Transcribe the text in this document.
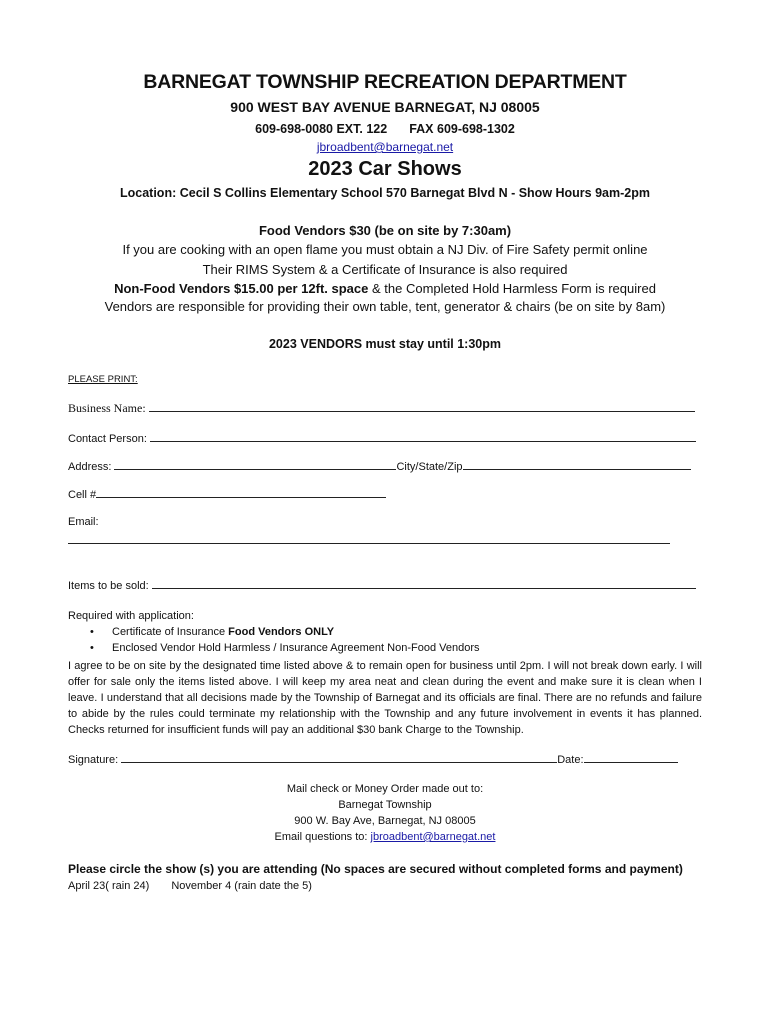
BARNEGAT TOWNSHIP RECREATION DEPARTMENT
900 WEST BAY AVENUE BARNEGAT, NJ 08005
609-698-0080 EXT. 122 FAX 609-698-1302
jbroadbent@barnegat.net
2023 Car Shows
Location: Cecil S Collins Elementary School 570 Barnegat Blvd N - Show Hours 9am-2pm
Food Vendors $30 (be on site by 7:30am)
If you are cooking with an open flame you must obtain a NJ Div. of Fire Safety permit online
Their RIMS System & a Certificate of Insurance is also required
Non-Food Vendors $15.00 per 12ft. space & the Completed Hold Harmless Form is required
Vendors are responsible for providing their own table, tent, generator & chairs (be on site by 8am)
2023 VENDORS must stay until 1:30pm
PLEASE PRINT:
Business Name:
Contact Person:
Address:	City/State/Zip
Cell #
Email:
Items to be sold:
Required with application:
• Certificate of Insurance Food Vendors ONLY
• Enclosed Vendor Hold Harmless / Insurance Agreement Non-Food Vendors
I agree to be on site by the designated time listed above & to remain open for business until 2pm. I will not break down early. I will offer for sale only the items listed above. I will keep my area neat and clean during the event and make sure it is clean when I leave. I understand that all decisions made by the Township of Barnegat and its officials are final. There are no refunds and failure to abide by the rules could terminate my relationship with the Township and any future involvement in events it has planned. Checks returned for insufficient funds will pay an additional $30 bank Charge to the Township.
Signature:	Date:
Mail check or Money Order made out to:
Barnegat Township
900 W. Bay Ave, Barnegat, NJ 08005
Email questions to: jbroadbent@barnegat.net
Please circle the show (s) you are attending (No spaces are secured without completed forms and payment)
April 23( rain 24) November 4 (rain date the 5)
